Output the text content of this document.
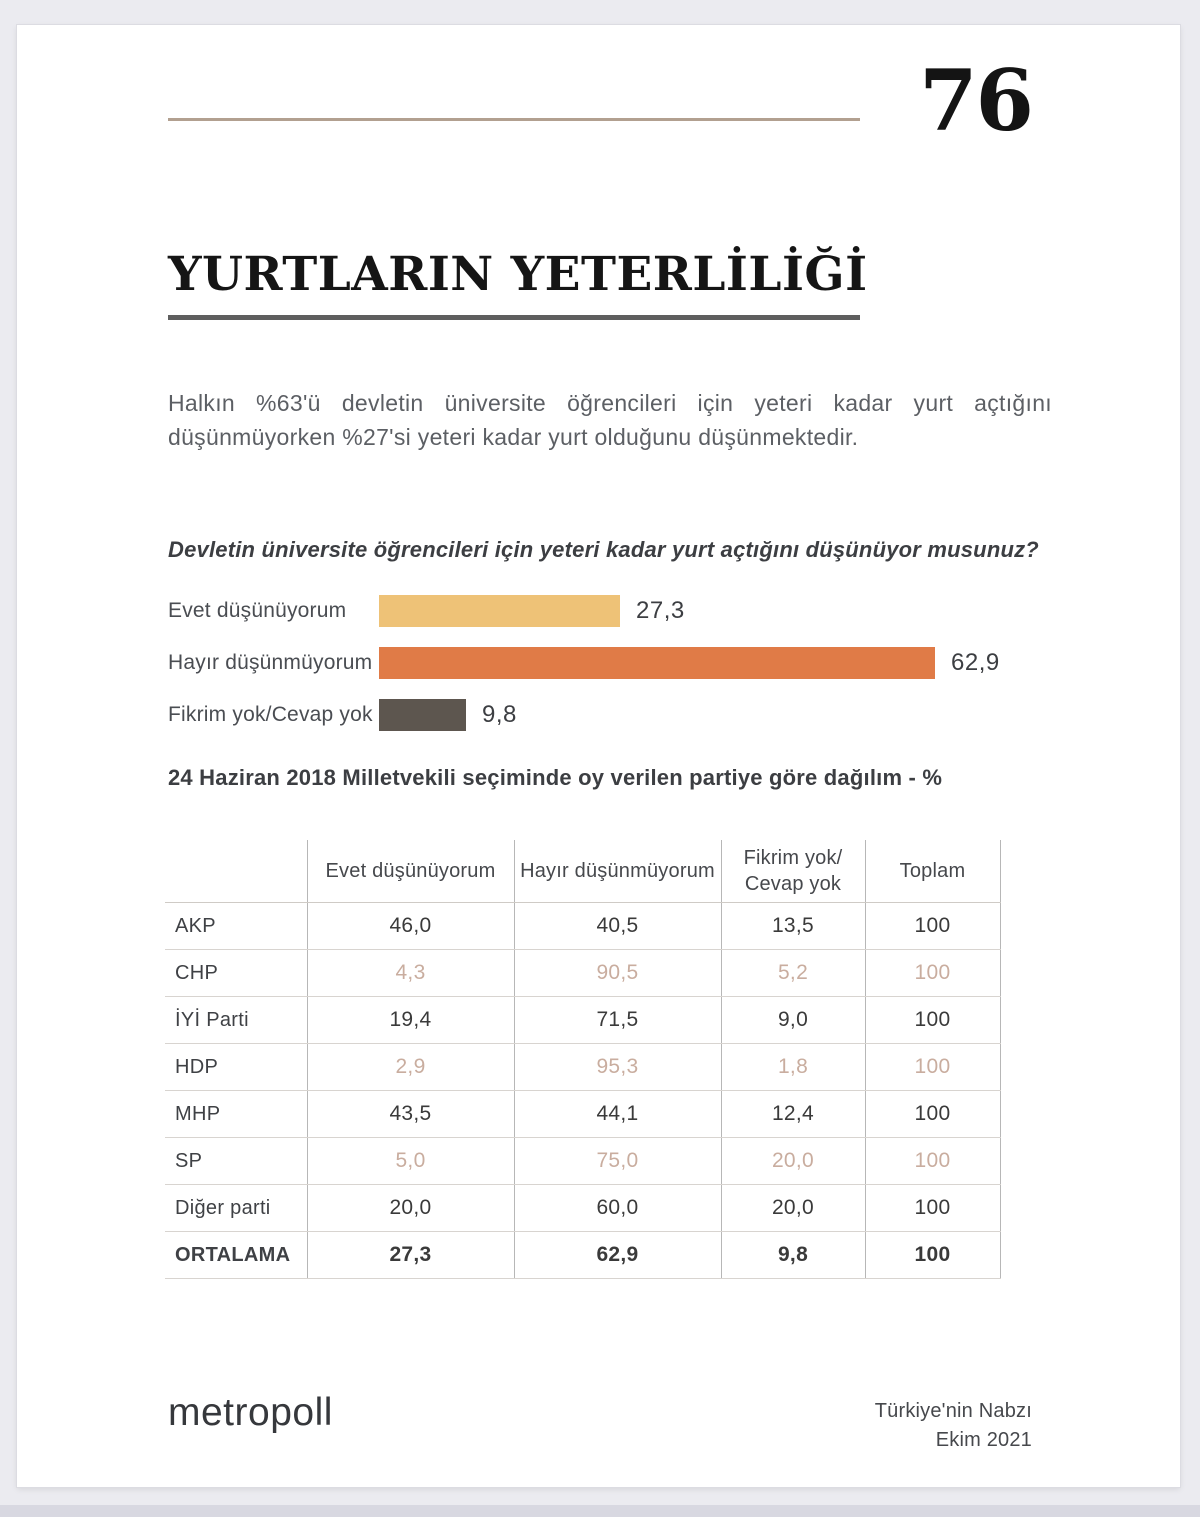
76
YURTLARIN YETERLİLİĞİ

Halkın %63'ü devletin üniversite öğrencileri için yeteri kadar yurt açtığını düşünmüyorken %27'si yeteri kadar yurt olduğunu düşünmektedir.

Devletin üniversite öğrencileri için yeteri kadar yurt açtığını düşünüyor musunuz?
Evet düşünüyorum	27,3
Hayır düşünmüyorum	62,9
Fikrim yok/Cevap yok	9,8
24 Haziran 2018 Milletvekili seçiminde oy verilen partiye göre dağılım - %

	Evet düşünüyorum	Hayır düşünmüyorum	Fikrim yok/
Cevap yok	Toplam

AKP	46,0	40,5	13,5	100
CHP	4,3	90,5	5,2	100
İYİ Parti	19,4	71,5	9,0	100
HDP	2,9	95,3	1,8	100
MHP	43,5	44,1	12,4	100
SP	5,0	75,0	20,0	100
Diğer parti	20,0	60,0	20,0	100
ORTALAMA	27,3	62,9	9,8	100
metropoll	Türkiye'nin Nabzı
Ekim 2021
